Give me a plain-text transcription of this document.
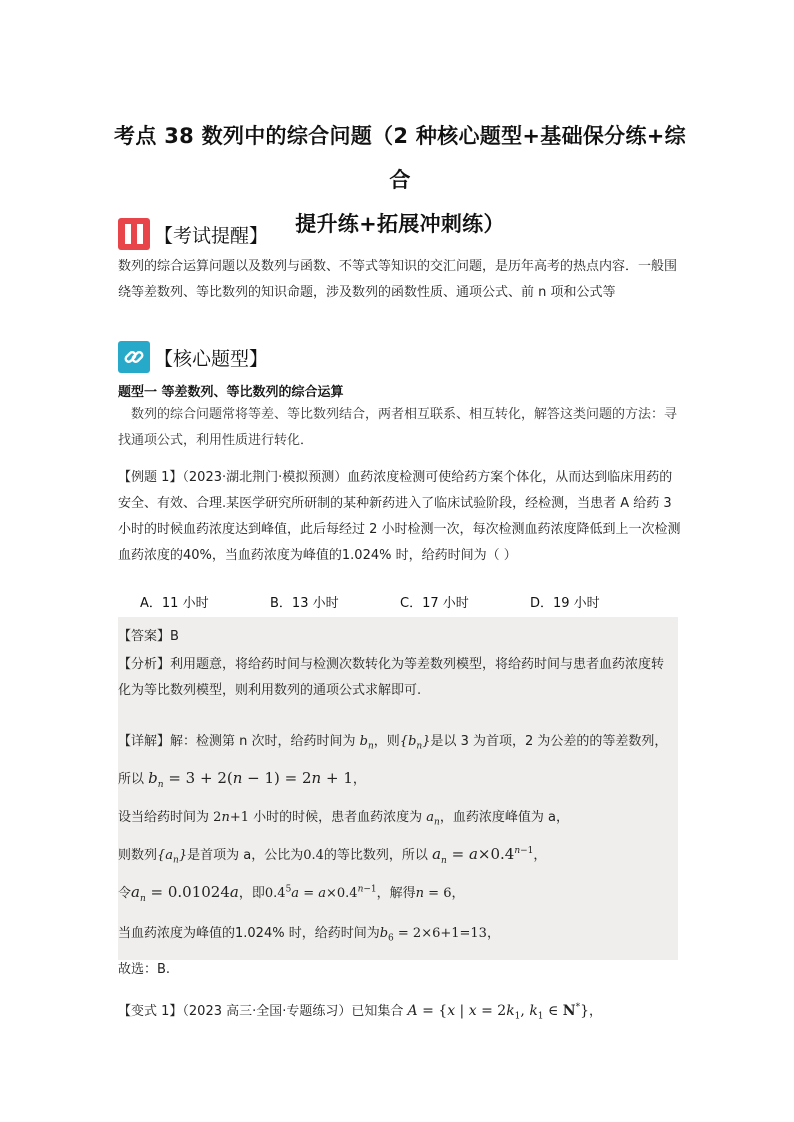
考点 38 数列中的综合问题（2 种核心题型+基础保分练+综合
提升练+拓展冲刺练）
【考试提醒】
数列的综合运算问题以及数列与函数、不等式等知识的交汇问题，是历年高考的热点内容．一般围绕等差数列、等比数列的知识命题，涉及数列的函数性质、通项公式、前 n 项和公式等
【核心题型】
题型一 等差数列、等比数列的综合运算
数列的综合问题常将等差、等比数列结合，两者相互联系、相互转化，解答这类问题的方法：寻找通项公式，利用性质进行转化．
【例题 1】（2023·湖北荆门·模拟预测）血药浓度检测可使给药方案个体化，从而达到临床用药的安全、有效、合理.某医学研究所研制的某种新药进入了临床试验阶段，经检测，当患者 A 给药 3 小时的时候血药浓度达到峰值，此后每经过 2 小时检测一次，每次检测血药浓度降低到上一次检测血药浓度的40%，当血药浓度为峰值的1.024% 时，给药时间为（ ）
A．11 小时	B．13 小时	C．17 小时	D．19 小时
【答案】B
【分析】利用题意，将给药时间与检测次数转化为等差数列模型，将给药时间与患者血药浓度转化为等比数列模型，则利用数列的通项公式求解即可.
【详解】解：检测第 n 次时，给药时间为 $b_n$，则$\{b_n\}$是以 3 为首项，2 为公差的的等差数列，
所以 $b_n = 3 + 2(n - 1) = 2n + 1$，
设当给药时间为 2n+1 小时的时候，患者血药浓度为 $a_n$，血药浓度峰值为 a，
则数列$\{a_n\}$是首项为 a，公比为0.4的等比数列，所以 $a_n = a\times 0.4^{n-1}$，
令$a_n = 0.01024a$，即$0.4^5a = a\times 0.4^{n-1}$，解得n = 6，
当血药浓度为峰值的1.024% 时，给药时间为$b_6 = 2\times 6+1=13$，
故选：B.
【变式 1】（2023 高三·全国·专题练习）已知集合 A = {x | $x = 2k_1$, $k_1$ ∈ N*}，
